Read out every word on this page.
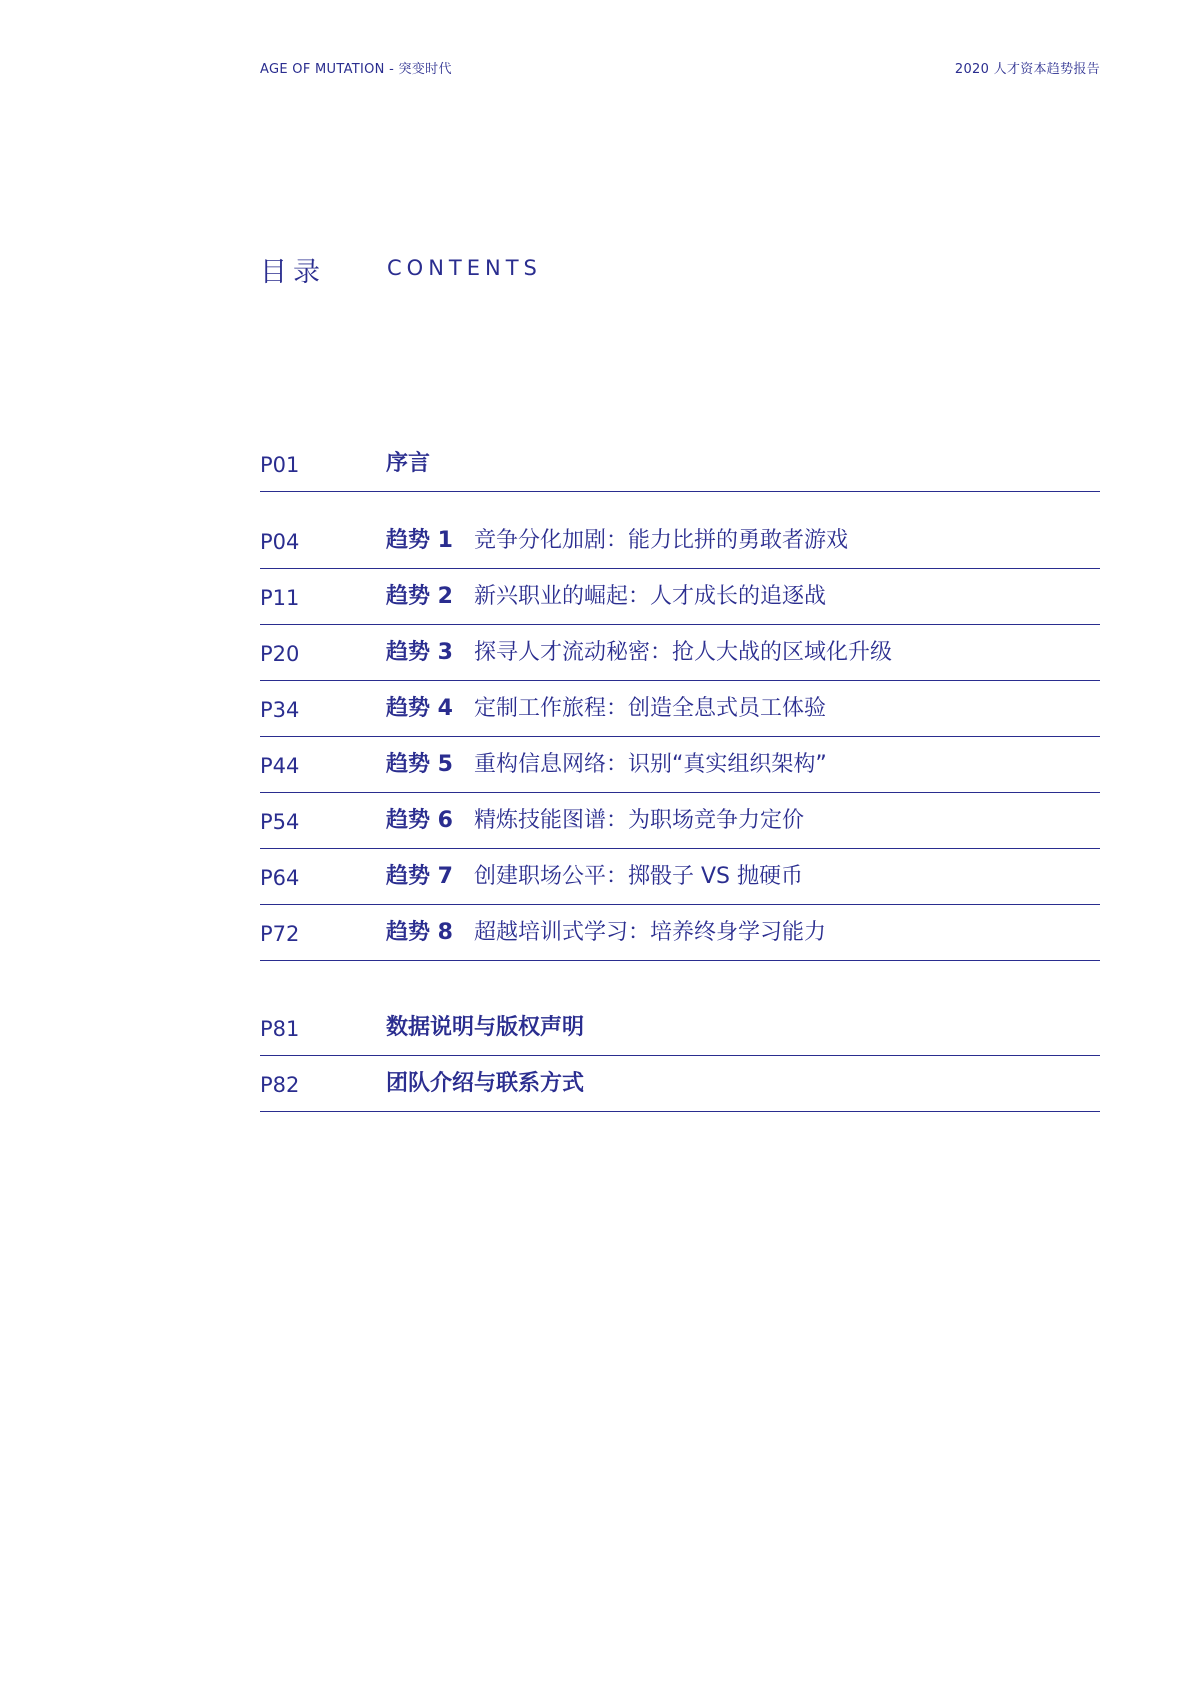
AGE OF MUTATION - 突变时代	2020 人才资本趋势报告
目录	CONTENTS
P01	序言
P04	趋势 1 竞争分化加剧：能力比拼的勇敢者游戏
P11	趋势 2 新兴职业的崛起：人才成长的追逐战
P20	趋势 3 探寻人才流动秘密：抢人大战的区域化升级
P34	趋势 4 定制工作旅程：创造全息式员工体验
P44	趋势 5 重构信息网络：识别“真实组织架构”
P54	趋势 6 精炼技能图谱：为职场竞争力定价
P64	趋势 7 创建职场公平：掷骰子 VS 抛硬币
P72	趋势 8 超越培训式学习：培养终身学习能力
P81	数据说明与版权声明
P82	团队介绍与联系方式
